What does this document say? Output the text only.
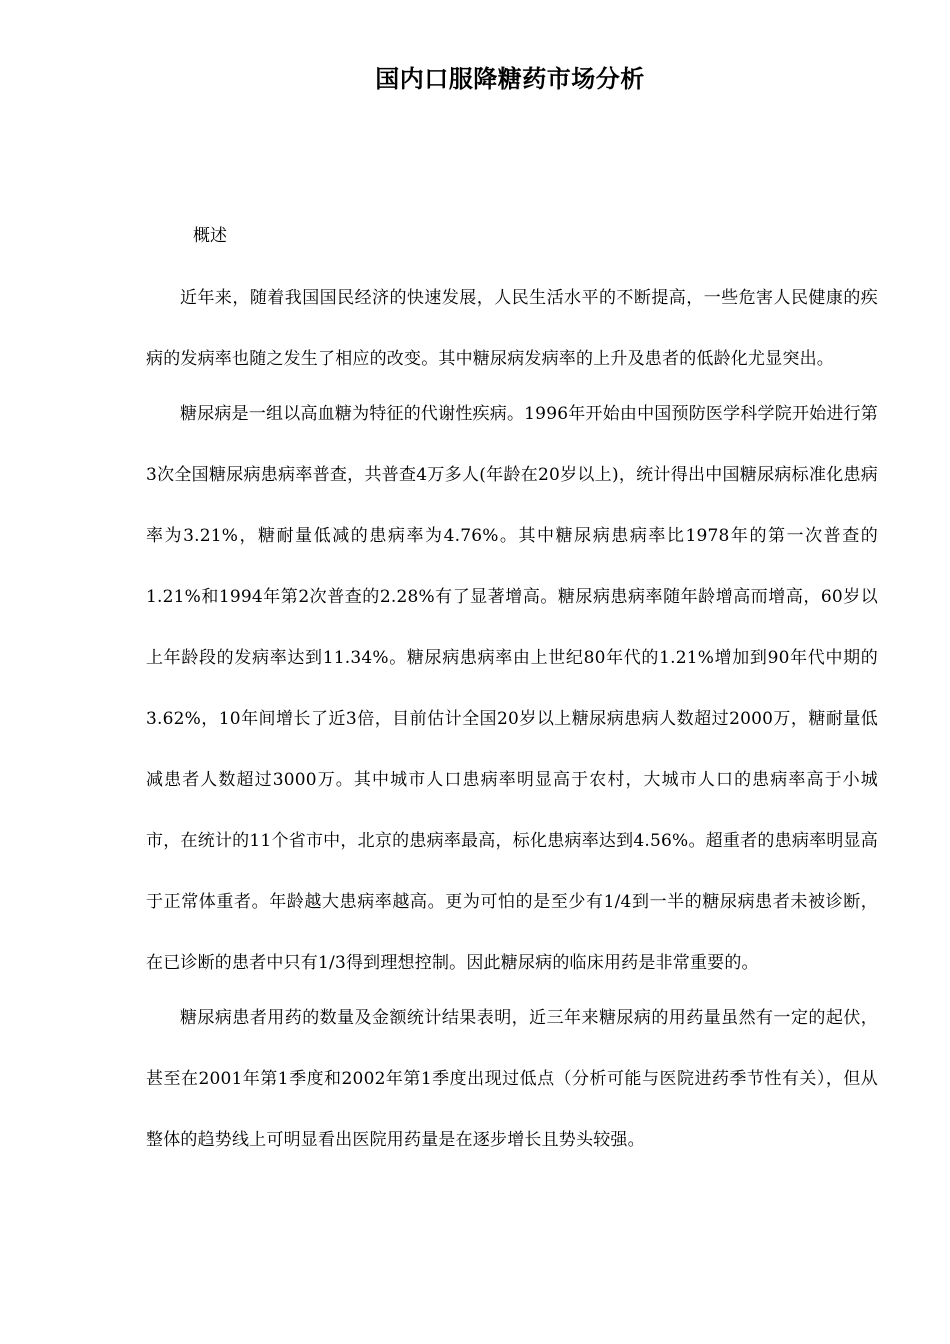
国内口服降糖药市场分析
概述

近年来，随着我国国民经济的快速发展，人民生活水平的不断提高，一些危害人民健康的疾病的发病率也随之发生了相应的改变。其中糖尿病发病率的上升及患者的低龄化尤显突出。

糖尿病是一组以高血糖为特征的代谢性疾病。1996年开始由中国预防医学科学院开始进行第3次全国糖尿病患病率普查，共普查4万多人(年龄在20岁以上)，统计得出中国糖尿病标准化患病率为3.21%，糖耐量低减的患病率为4.76%。其中糖尿病患病率比1978年的第一次普查的1.21%和1994年第2次普查的2.28%有了显著增高。糖尿病患病率随年龄增高而增高，60岁以上年龄段的发病率达到11.34%。糖尿病患病率由上世纪80年代的1.21%增加到90年代中期的3.62%，10年间增长了近3倍，目前估计全国20岁以上糖尿病患病人数超过2000万，糖耐量低减患者人数超过3000万。其中城市人口患病率明显高于农村，大城市人口的患病率高于小城市，在统计的11个省市中，北京的患病率最高，标化患病率达到4.56%。超重者的患病率明显高于正常体重者。年龄越大患病率越高。更为可怕的是至少有1/4到一半的糖尿病患者未被诊断，在已诊断的患者中只有1/3得到理想控制。因此糖尿病的临床用药是非常重要的。

糖尿病患者用药的数量及金额统计结果表明，近三年来糖尿病的用药量虽然有一定的起伏，甚至在2001年第1季度和2002年第1季度出现过低点（分析可能与医院进药季节性有关），但从整体的趋势线上可明显看出医院用药量是在逐步增长且势头较强。
